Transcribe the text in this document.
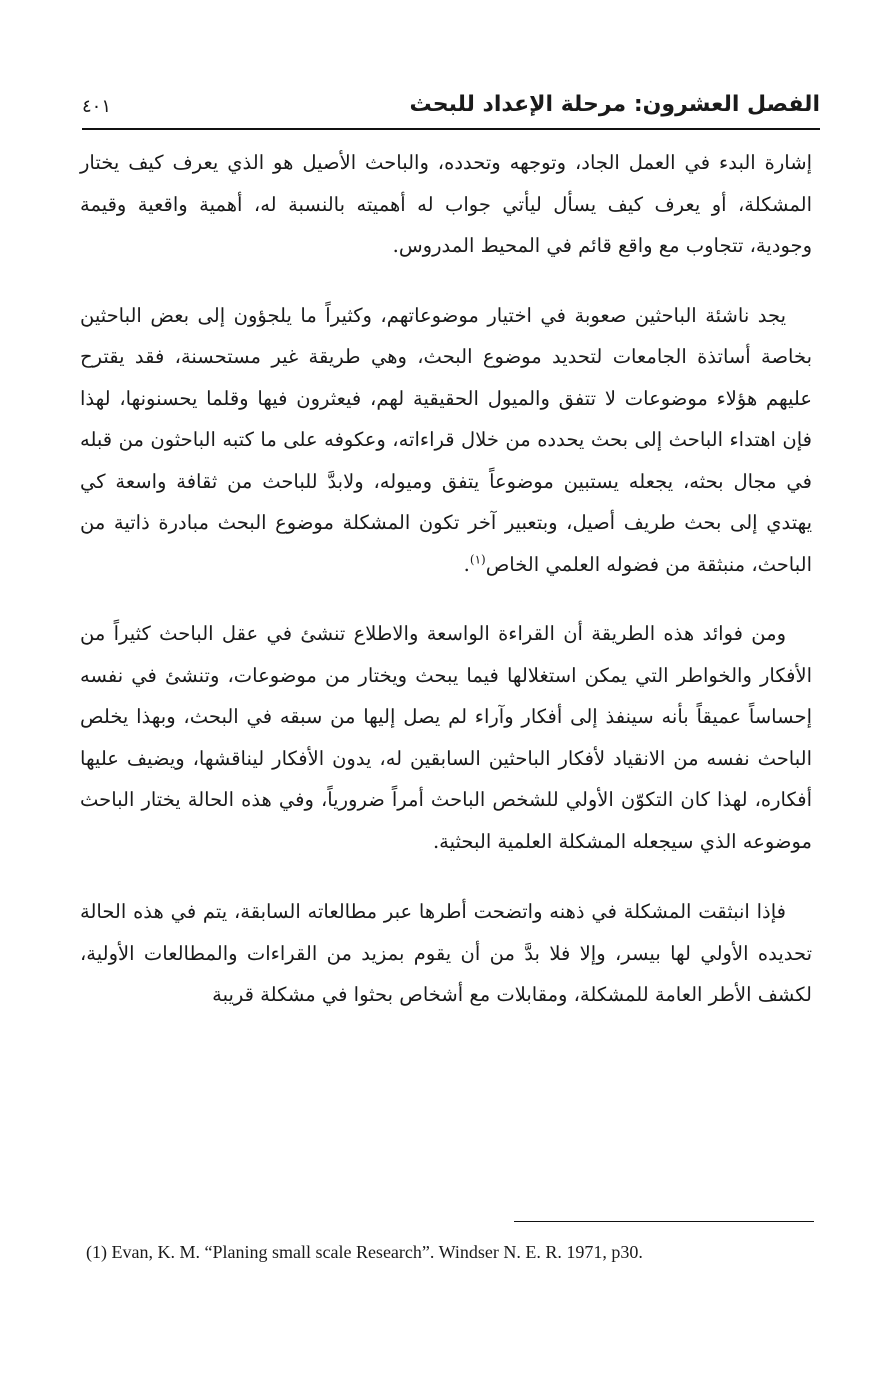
الفصل العشرون: مرحلة الإعداد للبحث
٤٠١

إشارة البدء في العمل الجاد، وتوجهه وتحدده، والباحث الأصيل هو الذي يعرف كيف يختار المشكلة، أو يعرف كيف يسأل ليأتي جواب له أهميته بالنسبة له، أهمية واقعية وقيمة وجودية، تتجاوب مع واقع قائم في المحيط المدروس.

يجد ناشئة الباحثين صعوبة في اختيار موضوعاتهم، وكثيراً ما يلجؤون إلى بعض الباحثين بخاصة أساتذة الجامعات لتحديد موضوع البحث، وهي طريقة غير مستحسنة، فقد يقترح عليهم هؤلاء موضوعات لا تتفق والميول الحقيقية لهم، فيعثرون فيها وقلما يحسنونها، لهذا فإن اهتداء الباحث إلى بحث يحدده من خلال قراءاته، وعكوفه على ما كتبه الباحثون من قبله في مجال بحثه، يجعله يستبين موضوعاً يتفق وميوله، ولابدَّ للباحث من ثقافة واسعة كي يهتدي إلى بحث طريف أصيل، وبتعبير آخر تكون المشكلة موضوع البحث مبادرة ذاتية من الباحث، منبثقة من فضوله العلمي الخاص$^{(١)}$.

ومن فوائد هذه الطريقة أن القراءة الواسعة والاطلاع تنشئ في عقل الباحث كثيراً من الأفكار والخواطر التي يمكن استغلالها فيما يبحث ويختار من موضوعات، وتنشئ في نفسه إحساساً عميقاً بأنه سينفذ إلى أفكار وآراء لم يصل إليها من سبقه في البحث، وبهذا يخلص الباحث نفسه من الانقياد لأفكار الباحثين السابقين له، يدون الأفكار ليناقشها، ويضيف عليها أفكاره، لهذا كان التكوّن الأولي للشخص الباحث أمراً ضرورياً، وفي هذه الحالة يختار الباحث موضوعه الذي سيجعله المشكلة العلمية البحثية.

فإذا انبثقت المشكلة في ذهنه واتضحت أطرها عبر مطالعاته السابقة، يتم في هذه الحالة تحديده الأولي لها بيسر، وإلا فلا بدَّ من أن يقوم بمزيد من القراءات والمطالعات الأولية، لكشف الأطر العامة للمشكلة، ومقابلات مع أشخاص بحثوا في مشكلة قريبة

(1) Evan, K. M. “Planing small scale Research”. Windser N. E. R. 1971, p30.
